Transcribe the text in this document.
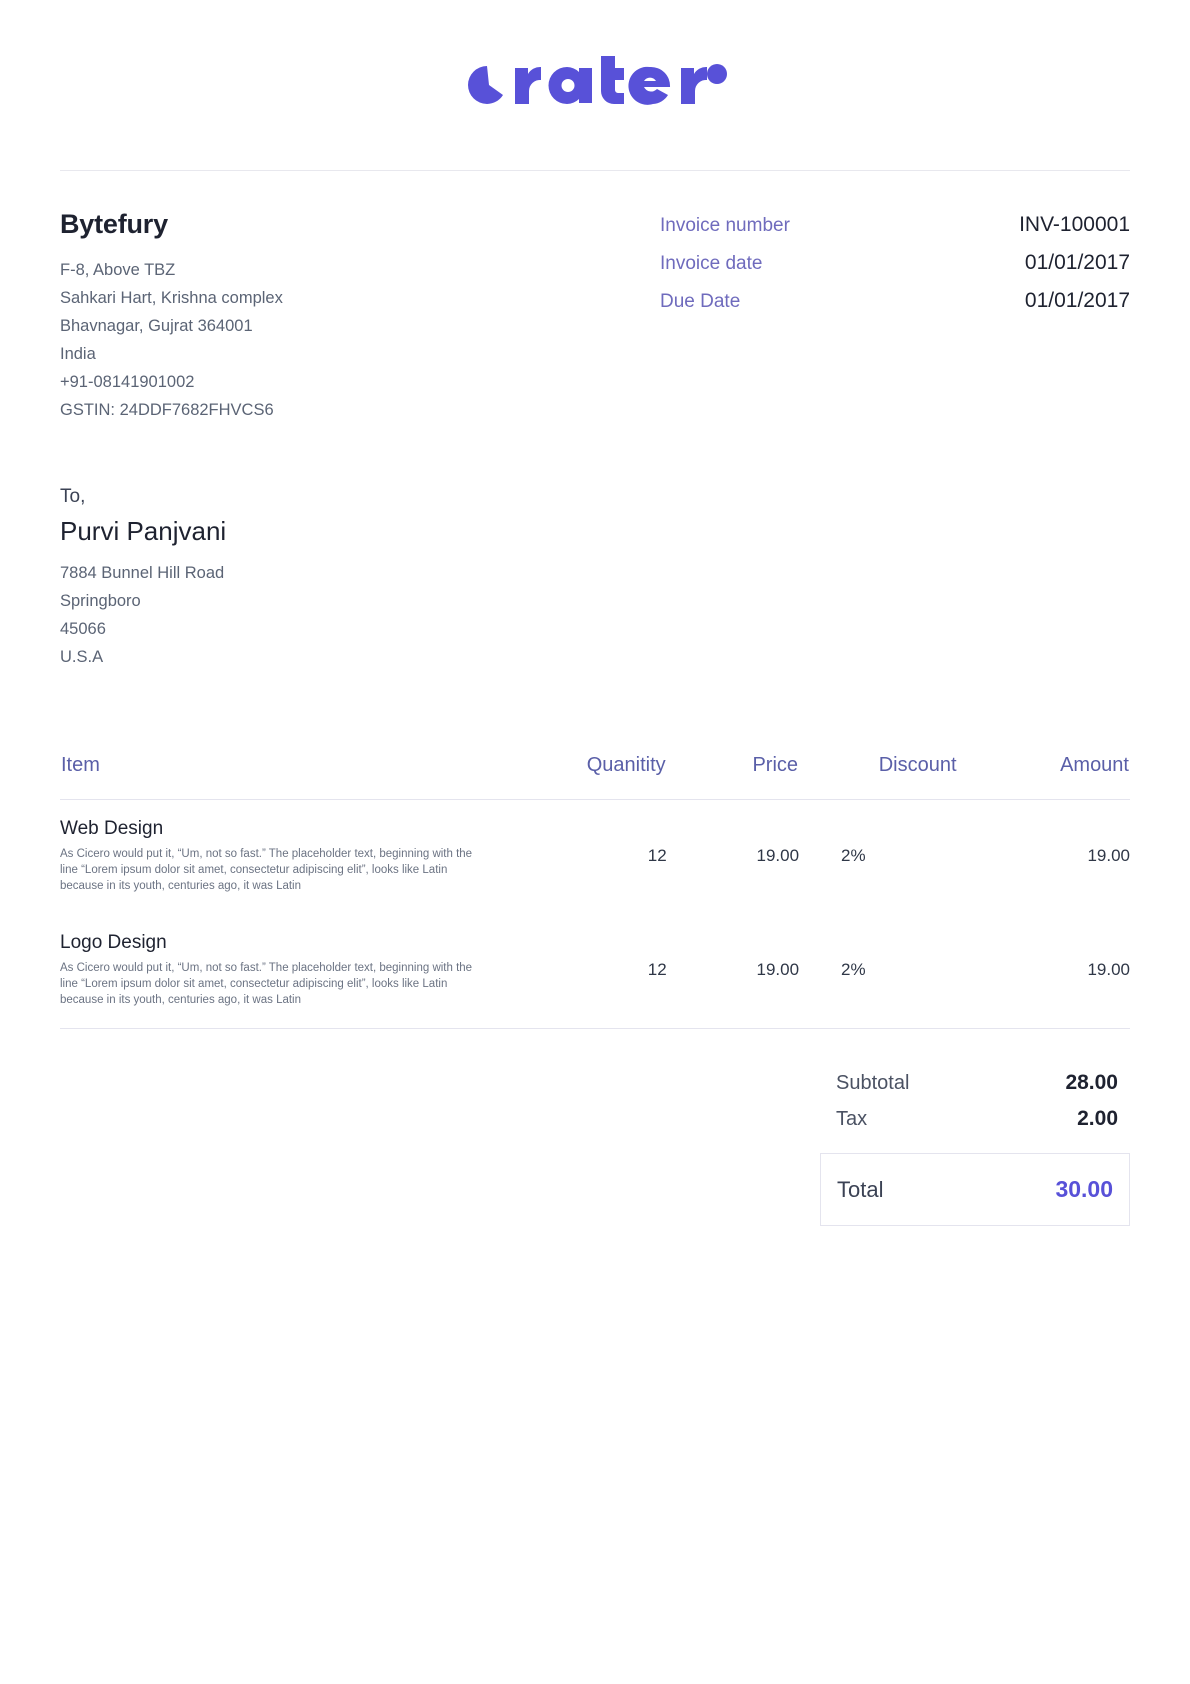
Bytefury
F-8, Above TBZ
Sahkari Hart, Krishna complex
Bhavnagar, Gujrat 364001
India
+91-08141901002
GSTIN: 24DDF7682FHVCS6
Invoice number	INV-100001
Invoice date	01/01/2017
Due Date	01/01/2017
To,
Purvi Panjvani
7884 Bunnel Hill Road
Springboro
45066
U.S.A
Item	Quanitity	Price	Discount	Amount

Web Design
As Cicero would put it, “Um, not so fast.” The placeholder text, beginning with the line “Lorem ipsum dolor sit amet, consectetur adipiscing elit”, looks like Latin because in its youth, centuries ago, it was Latin	12	19.00	2%	19.00

Logo Design
As Cicero would put it, “Um, not so fast.” The placeholder text, beginning with the line “Lorem ipsum dolor sit amet, consectetur adipiscing elit”, looks like Latin because in its youth, centuries ago, it was Latin	12	19.00	2%	19.00
Subtotal	28.00
Tax	2.00
Total	30.00
